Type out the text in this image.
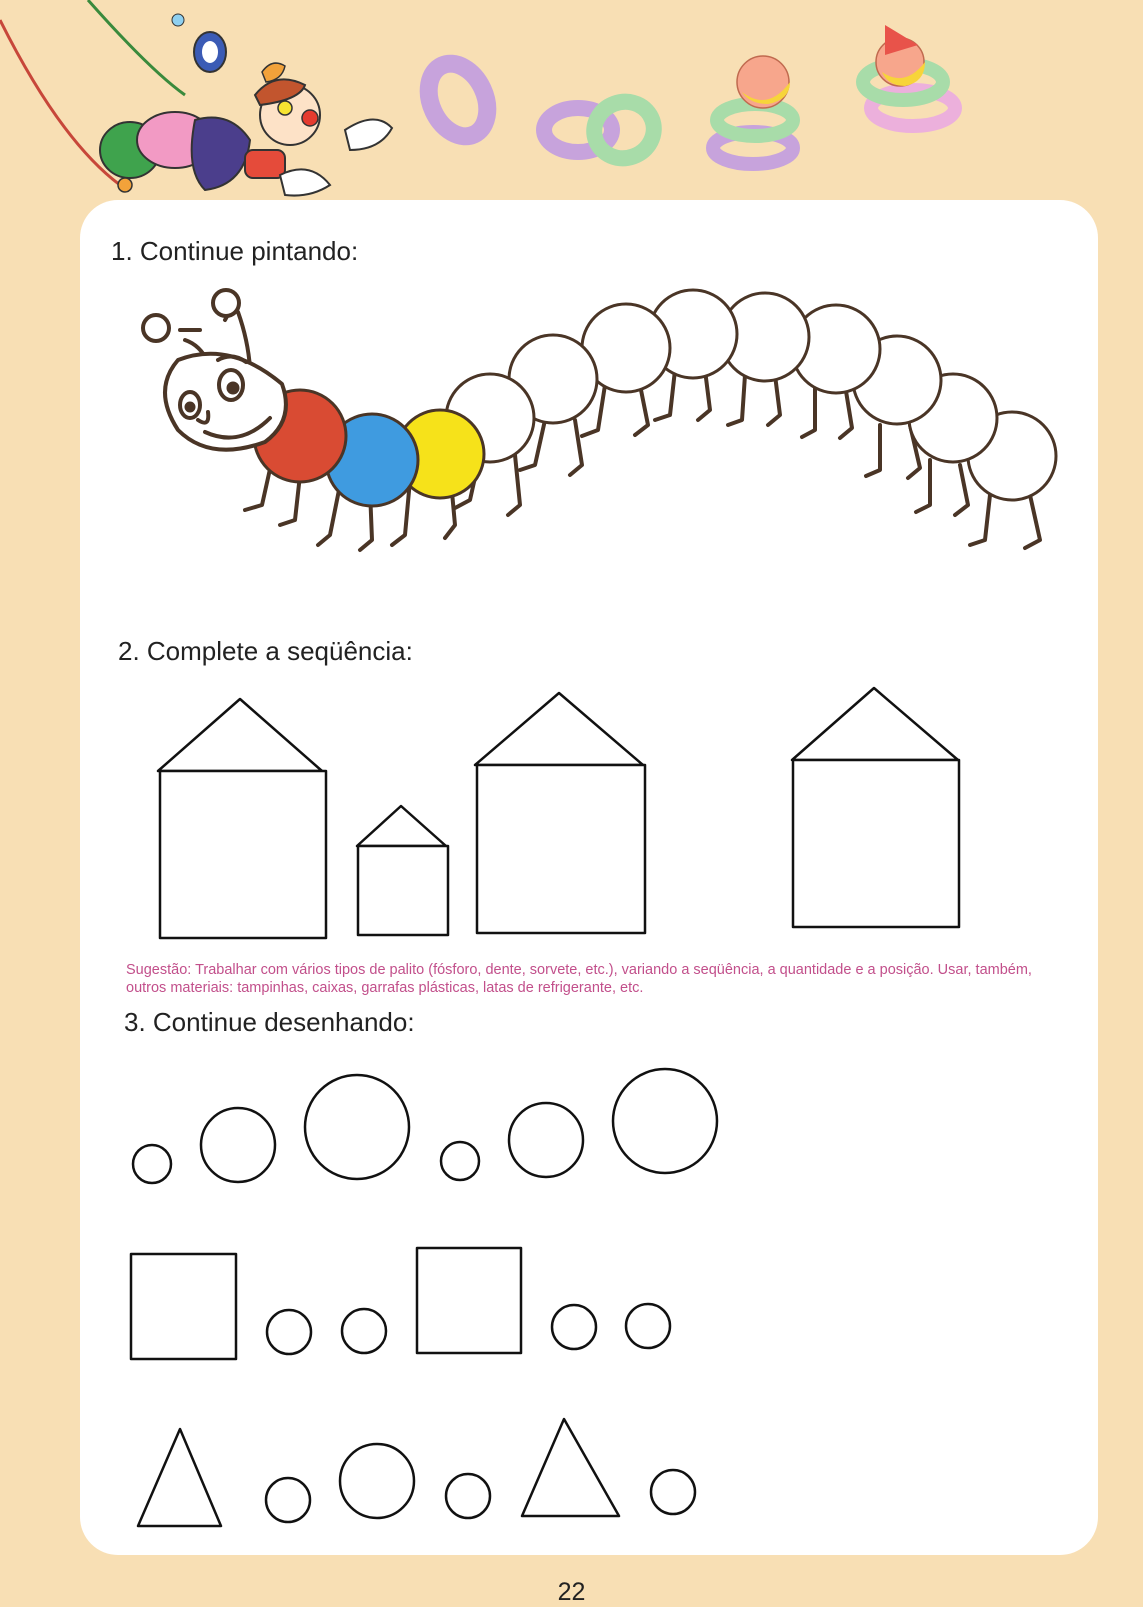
1. Continue pintando:
2. Complete a seqüência:

Sugestão: Trabalhar com vários tipos de palito (fósforo, dente, sorvete, etc.), variando a seqüência, a quantidade e a posição. Usar, também, outros materiais: tampinhas, caixas, garrafas plásticas, latas de refrigerante, etc.

3. Continue desenhando:
22
